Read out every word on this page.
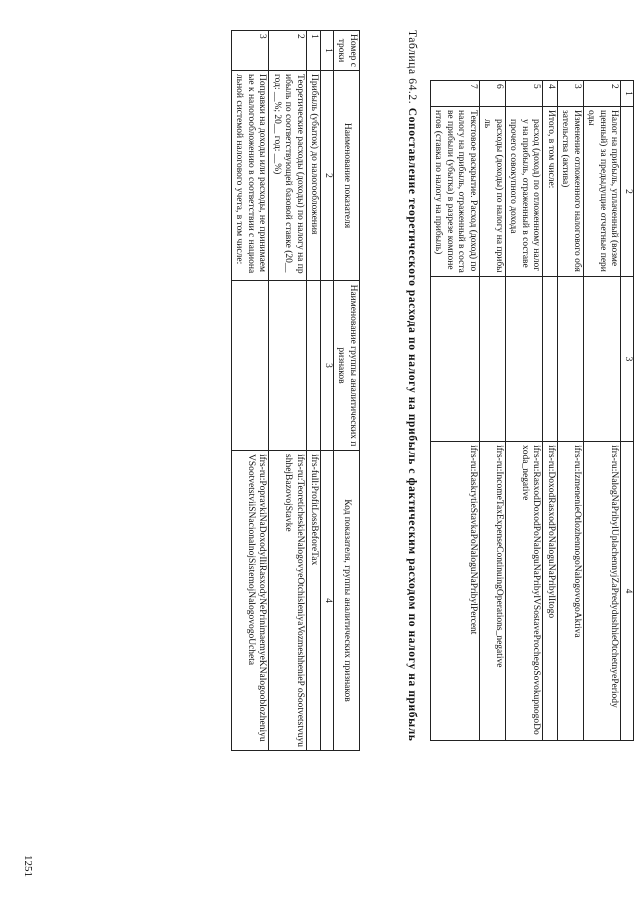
1	2	3	4
2	Налог на прибыль, уплаченный (возмещенный) за предыдущие отчетные периоды		ifrs-ru:NalogNaPribylUplachennyjZaPredydushhieOtchetnyePeriody
3	Изменение отложенного налогового обязательства (актива)		ifrs-ru:IzmenenieOtlozhennogoNalogovogoAktiva
4	Итого, в том числе:		ifrs-ru:DoxodRasxodPoNaloguNaPribylItogo
5	расход (доход) по отложенному налогу на прибыль, отраженный в составе прочего совокупного дохода		ifrs-ru:RasxodDoxodPoNaloguNaPribylVSostaveProchegoSovokupnogoDoxoda_negative
6	расходы (доходы) по налогу на прибыль		ifrs-ru:IncomeTaxExpenseContinuingOperations_negative
7	Текстовое раскрытие. Расход (доход) по налогу на прибыль, отраженный в составе прибыли (убытка) в разрезе компонентов (ставка по налогу на прибыль)		ifrs-ru:RaskrytieStavkaPoNaloguNaPribylPercent
Таблица 64.2. Сопоставление теоретического расхода по налогу на прибыль с фактическим расходом по налогу на прибыль
Номер строки	Наименование показателя	Наименование группы аналитических признаков	Код показателя, группы аналитических признаков
1	2	3	4
1	Прибыль (убыток) до налогообложения		ifrs-full:ProfitLossBeforeTax
2	Теоретические расходы (доходы) по налогу на прибыль по соответствующей базовой ставке (20__ год: __%; 20__ год: __%)		ifrs-ru:TeoreticheskieNalogovyeOtchisleniyaVozmeshhenieP oSootvetstvuyushhejBazovojStavke
3	Поправки на доходы или расходы, не принимаемые к налогообложению в соответствии с национальной системой налогового учета, в том числе:		ifrs-ru:PopravkiNaDoxodyIliRasxodyNePrinimaemyeKNalogooblozheniyuVSootvetstviiSNacionalnojSistemojNalogovogoUcheta
1251
